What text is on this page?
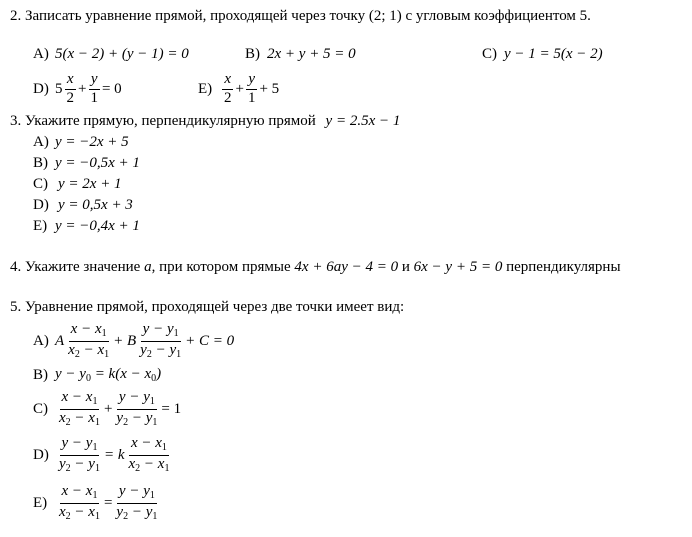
2. Записать уравнение прямой, проходящей через точку (2; 1) с угловым коэффициентом 5.
A) 5(x − 2) + (y − 1) = 0	B) 2x + y + 5 = 0	C) y − 1 = 5(x − 2)
D) $5 \frac{x}{2} + \frac{y}{1} = 0$	$E) \frac{x}{2} + \frac{y}{1} + 5$
3. Укажите прямую, перпендикулярную прямой y = 2.5x − 1
A) y = −2x + 5
B) y = −0,5x + 1
C) y = 2x + 1
D) y = 0,5x + 3
E) y = −0,4x + 1
4. Укажите значение a, при котором прямые 4x + 6ay − 4 = 0 и 6x − y + 5 = 0 перпендикулярны
5. Уравнение прямой, проходящей через две точки имеет вид:
A) A $\frac{x - x_1}{x_2 - x_1} + B \frac{y - y_1}{y_2 - y_1} + C = 0$
B) $y - y_0 = k(x - x_0)$
$C) \frac{x - x_1}{x_2 - x_1} + \frac{y - y_1}{y_2 - y_1} = 1$
$D) \frac{y - y_1}{y_2 - y_1} = k \frac{x - x_1}{x_2 - x_1}$
$E) \frac{x - x_1}{x_2 - x_1} = \frac{y - y_1}{y_2 - y_1}$
